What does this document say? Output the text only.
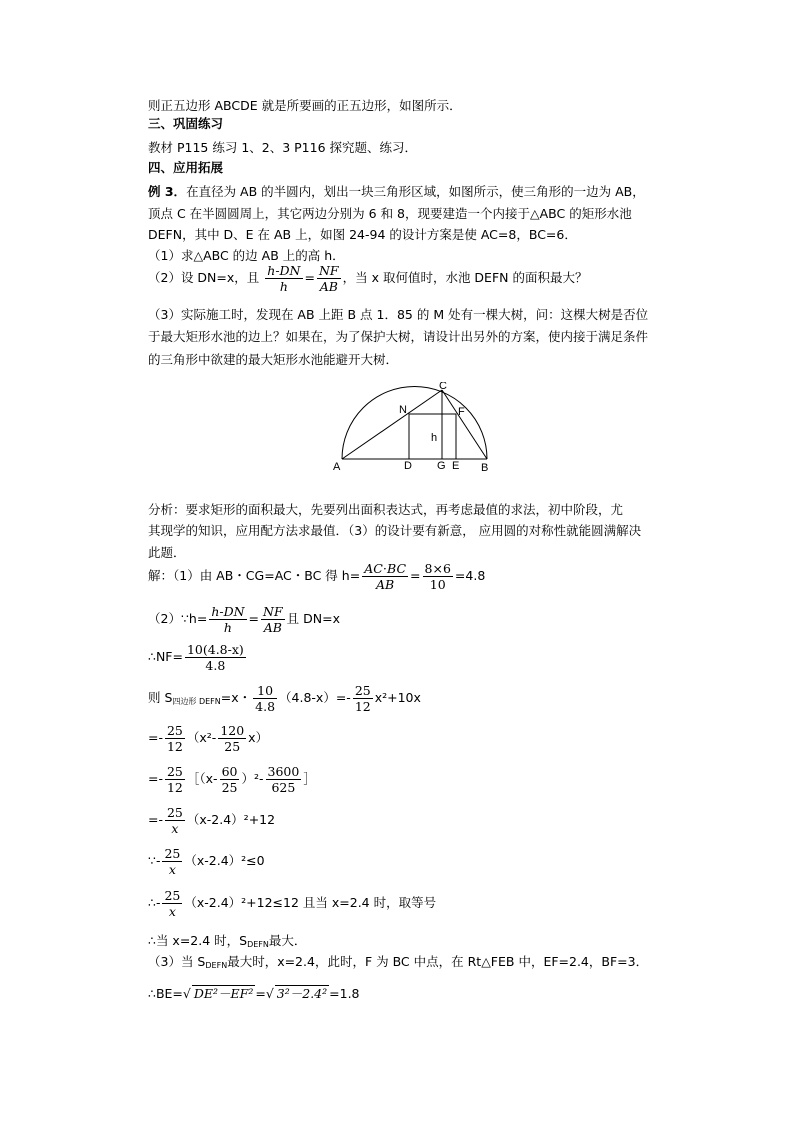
则正五边形 ABCDE 就是所要画的正五边形，如图所示．
三、巩固练习
教材 P115 练习 1、2、3 P116 探究题、练习．
四、应用拓展
例 3．在直径为 AB 的半圆内，划出一块三角形区域，如图所示，使三角形的一边为 AB，
顶点 C 在半圆圆周上，其它两边分别为 6 和 8，现要建造一个内接于△ABC 的矩形水池
DEFN，其中 D、E 在 AB 上，如图 24-94 的设计方案是使 AC=8，BC=6．
（1）求△ABC 的边 AB 上的高 h．
（2）设 DN=x，且 $\frac{h-DN}{h} = \frac{NF}{AB}$ ，当 x 取何值时，水池 DEFN 的面积最大？
（3）实际施工时，发现在 AB 上距 B 点 1．85 的 M 处有一棵大树，问：这棵大树是否位
于最大矩形水池的边上？如果在，为了保护大树，请设计出另外的方案，使内接于满足条件
的三角形中欲建的最大矩形水池能避开大树．
A	B
C
N	F
h
D G E
分析：要求矩形的面积最大，先要列出面积表达式，再考虑最值的求法，初中阶段，尤
其现学的知识，应用配方法求最值．（3）的设计要有新意， 应用圆的对称性就能圆满解决
此题．
解：（1）由 AB・CG=AC・BC 得 $h= \frac{AC\cdot BC}{AB} = \frac{8\times 6}{10} =4.8$
（2）∵h= $\frac{h-DN}{h} = \frac{NF}{AB}$ 且 DN=x
∴NF= $\frac{10(4.8-x)}{4.8}$
则 $S_{四边形 DEFN}=x$・ $\frac{10}{4.8} (4.8-x)=- \frac{25}{12} x^2+10x$
=- $\frac{25}{12} (x^2- \frac{120}{25} x)$
=- $\frac{25}{12}$ ［（x- $\frac{60}{25} )^2- \frac{3600}{625}$ ］
=- $\frac{25}{x} (x-2.4)^2+12$
∵- $\frac{25}{x} (x-2.4)^2\le 0$
∴- $\frac{25}{x} (x-2.4)^2+12\le 12$ 且当 x=2.4 时，取等号
∴当 x=2.4 时，$S_{DEFN}$最大．
（3）当 $S_{DEFN}$最大时，x=2.4，此时，F 为 BC 中点，在 Rt△FEB 中，EF=2.4，BF=3．
∴BE=√ DE²－EF² =√ 3²－2.4² =1.8
